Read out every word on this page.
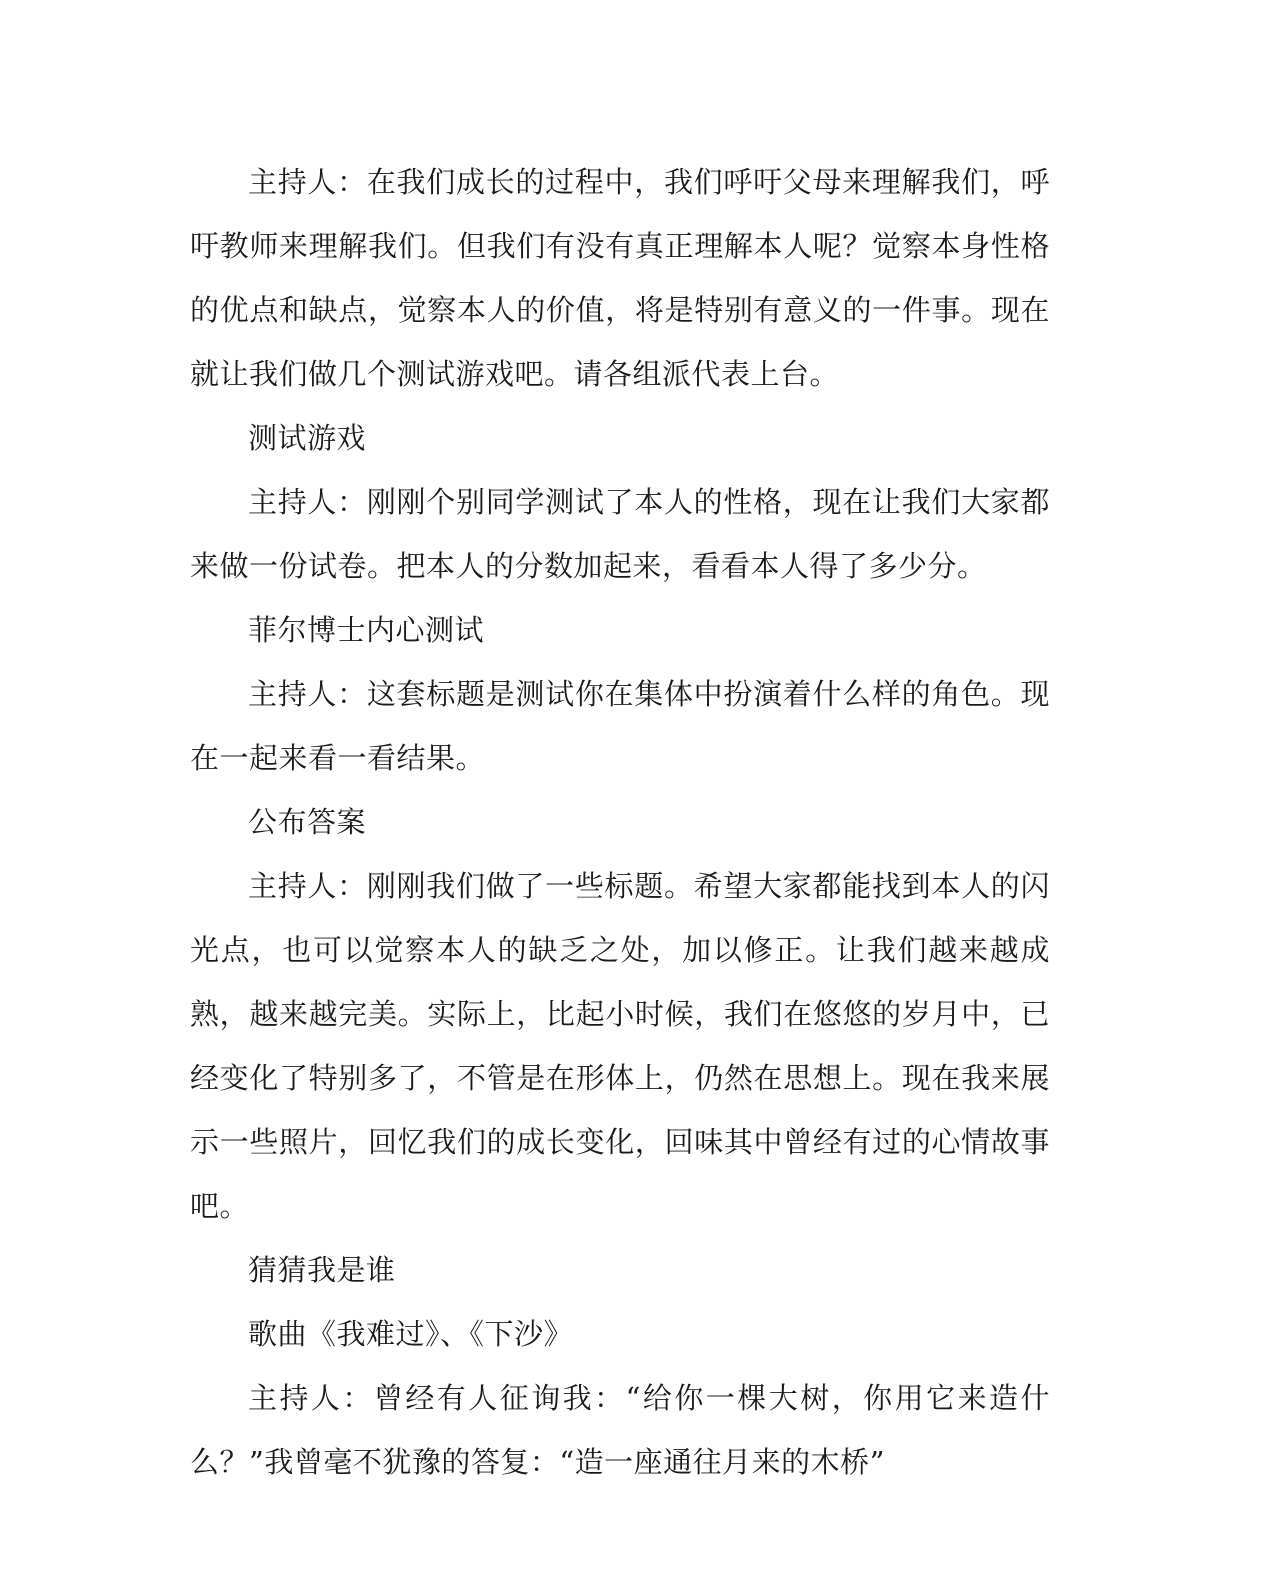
主持人：在我们成长的过程中，我们呼吁父母来理解我们，呼吁教师来理解我们。但我们有没有真正理解本人呢？觉察本身性格的优点和缺点，觉察本人的价值，将是特别有意义的一件事。现在就让我们做几个测试游戏吧。请各组派代表上台。

测试游戏

主持人：刚刚个别同学测试了本人的性格，现在让我们大家都来做一份试卷。把本人的分数加起来，看看本人得了多少分。

菲尔博士内心测试

主持人：这套标题是测试你在集体中扮演着什么样的角色。现在一起来看一看结果。

公布答案

主持人：刚刚我们做了一些标题。希望大家都能找到本人的闪光点，也可以觉察本人的缺乏之处，加以修正。让我们越来越成熟，越来越完美。实际上，比起小时候，我们在悠悠的岁月中，已经变化了特别多了，不管是在形体上，仍然在思想上。现在我来展示一些照片，回忆我们的成长变化，回味其中曾经有过的心情故事吧。

猜猜我是谁

歌曲《我难过》、《下沙》

主持人：曾经有人征询我：“给你一棵大树，你用它来造什么？”我曾毫不犹豫的答复：“造一座通往月来的木桥”
